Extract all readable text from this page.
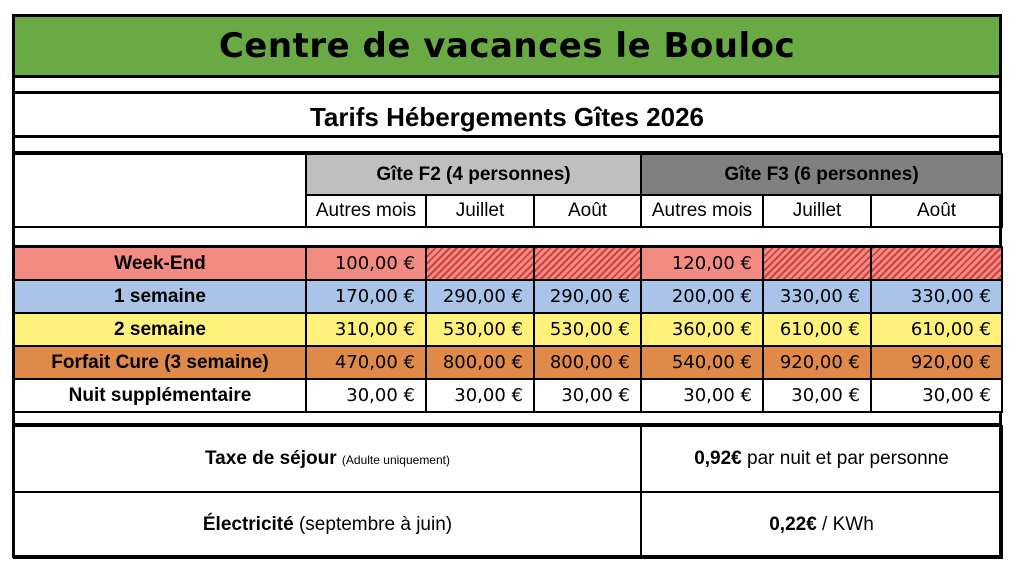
Centre de vacances le Bouloc
Tarifs Hébergements Gîtes 2026
	Gîte F2 (4 personnes)			Gîte F3 (6 personnes)		
	Autres mois	Juillet	Août	Autres mois	Juillet	Août
Week-End	100,00 €			120,00 €		
1 semaine	170,00 €	290,00 €	290,00 €	200,00 €	330,00 €	330,00 €
2 semaine	310,00 €	530,00 €	530,00 €	360,00 €	610,00 €	610,00 €
Forfait Cure (3 semaine)	470,00 €	800,00 €	800,00 €	540,00 €	920,00 €	920,00 €
Nuit supplémentaire	30,00 €	30,00 €	30,00 €	30,00 €	30,00 €	30,00 €
Taxe de séjour (Adulte uniquement)	0,92€ par nuit et par personne
Électricité (septembre à juin)	0,22€ / KWh
